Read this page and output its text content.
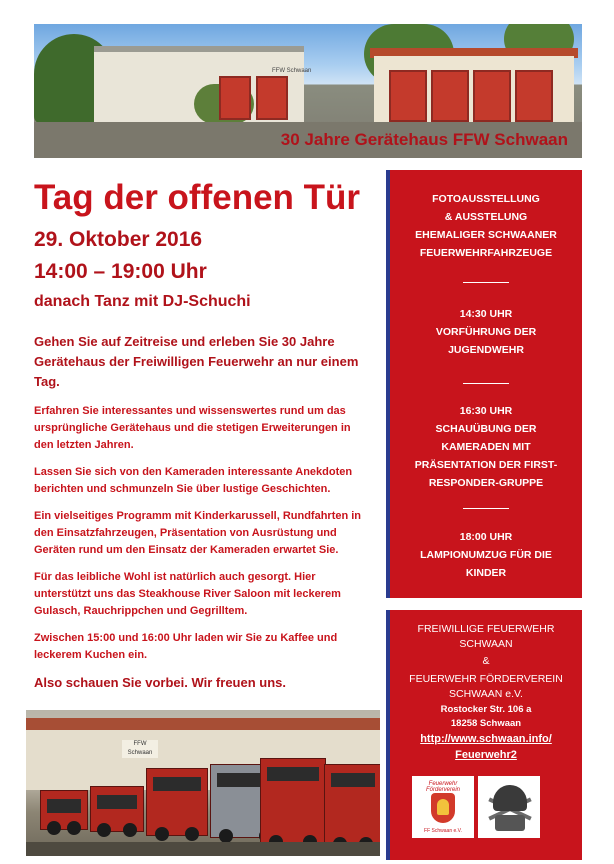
FFW Schwaan
30 Jahre Gerätehaus FFW Schwaan
Tag der offenen Tür
29. Oktober 2016
14:00 – 19:00 Uhr
danach Tanz mit DJ-Schuchi
Gehen Sie auf Zeitreise und erleben Sie 30 Jahre Gerätehaus der Freiwilligen Feuerwehr an nur einem Tag.
Erfahren Sie interessantes und wissenswertes rund um das ursprüngliche Gerätehaus und die stetigen Erweiterungen in den letzten Jahren.
Lassen Sie sich von den Kameraden interessante Anekdoten berichten und schmunzeln Sie über lustige Geschichten.
Ein vielseitiges Programm mit Kinderkarussell, Rundfahrten in den Einsatzfahrzeugen, Präsentation von Ausrüstung und Geräten rund um den Einsatz der Kameraden erwartet Sie.
Für das leibliche Wohl ist natürlich auch gesorgt. Hier unterstützt uns das Steakhouse River Saloon mit leckerem Gulasch, Rauchrippchen und Gegrilltem.
Zwischen 15:00 und 16:00 Uhr laden wir Sie zu Kaffee und leckerem Kuchen ein.
Also schauen Sie vorbei. Wir freuen uns.
FFW
Schwaan
FOTOAUSSTELLUNG
& AUSSTELUNG
EHEMALIGER SCHWAANER
FEUERWEHRFAHRZEUGE
14:30 UHR
VORFÜHRUNG DER
JUGENDWEHR
16:30 UHR
SCHAUÜBUNG DER
KAMERADEN MIT
PRÄSENTATION DER FIRST-
RESPONDER-GRUPPE
18:00 UHR
LAMPIONUMZUG FÜR DIE
KINDER
FREIWILLIGE FEUERWEHR
SCHWAAN
&
FEUERWEHR FÖRDERVEREIN
SCHWAAN e.V.
Rostocker Str. 106 a
18258 Schwaan
http://www.schwaan.info/
Feuerwehr2
Feuerwehr Förderverein
FF Schwaan e.V.
